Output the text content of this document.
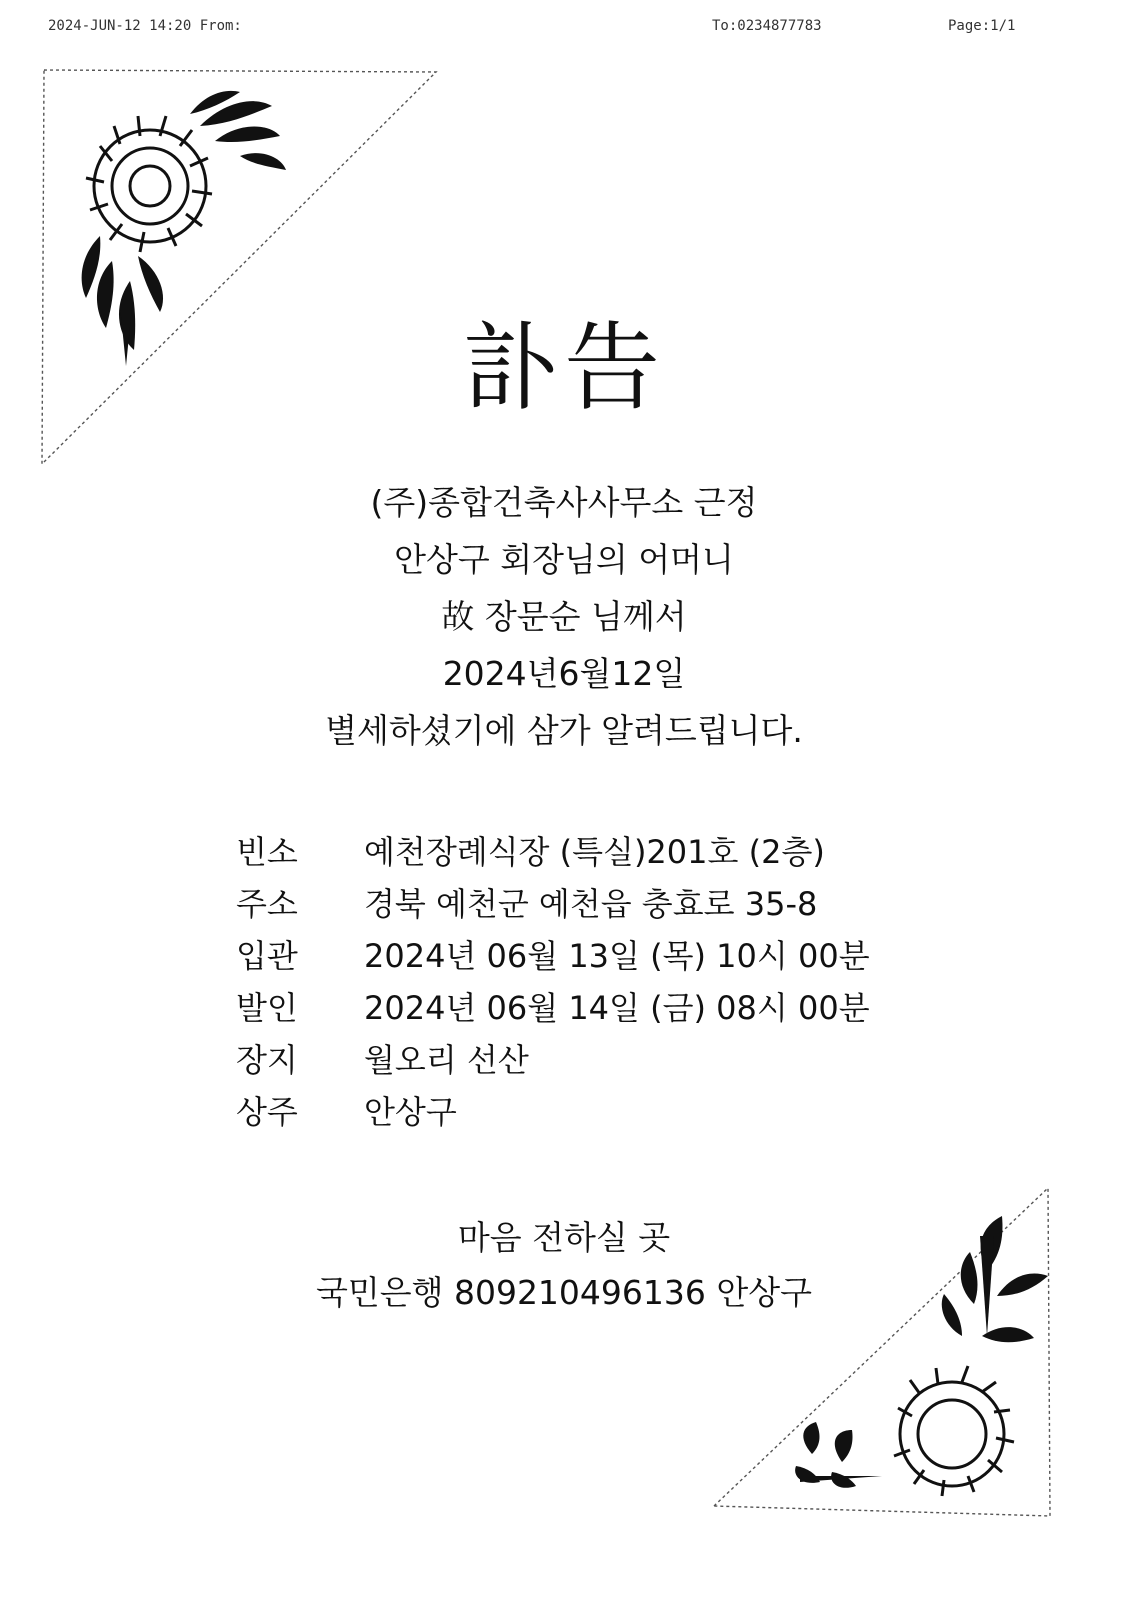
2024-JUN-12 14:20 From:	To:0234877783	Page:1/1
訃告
(주)종합건축사사무소 근정
안상구 회장님의 어머니
故 장문순 님께서
2024년6월12일
별세하셨기에 삼가 알려드립니다.
빈소	예천장례식장 (특실)201호 (2층)
주소	경북 예천군 예천읍 충효로 35-8
입관	2024년 06월 13일 (목) 10시 00분
발인	2024년 06월 14일 (금) 08시 00분
장지	월오리 선산
상주	안상구
마음 전하실 곳
국민은행 809210496136 안상구
